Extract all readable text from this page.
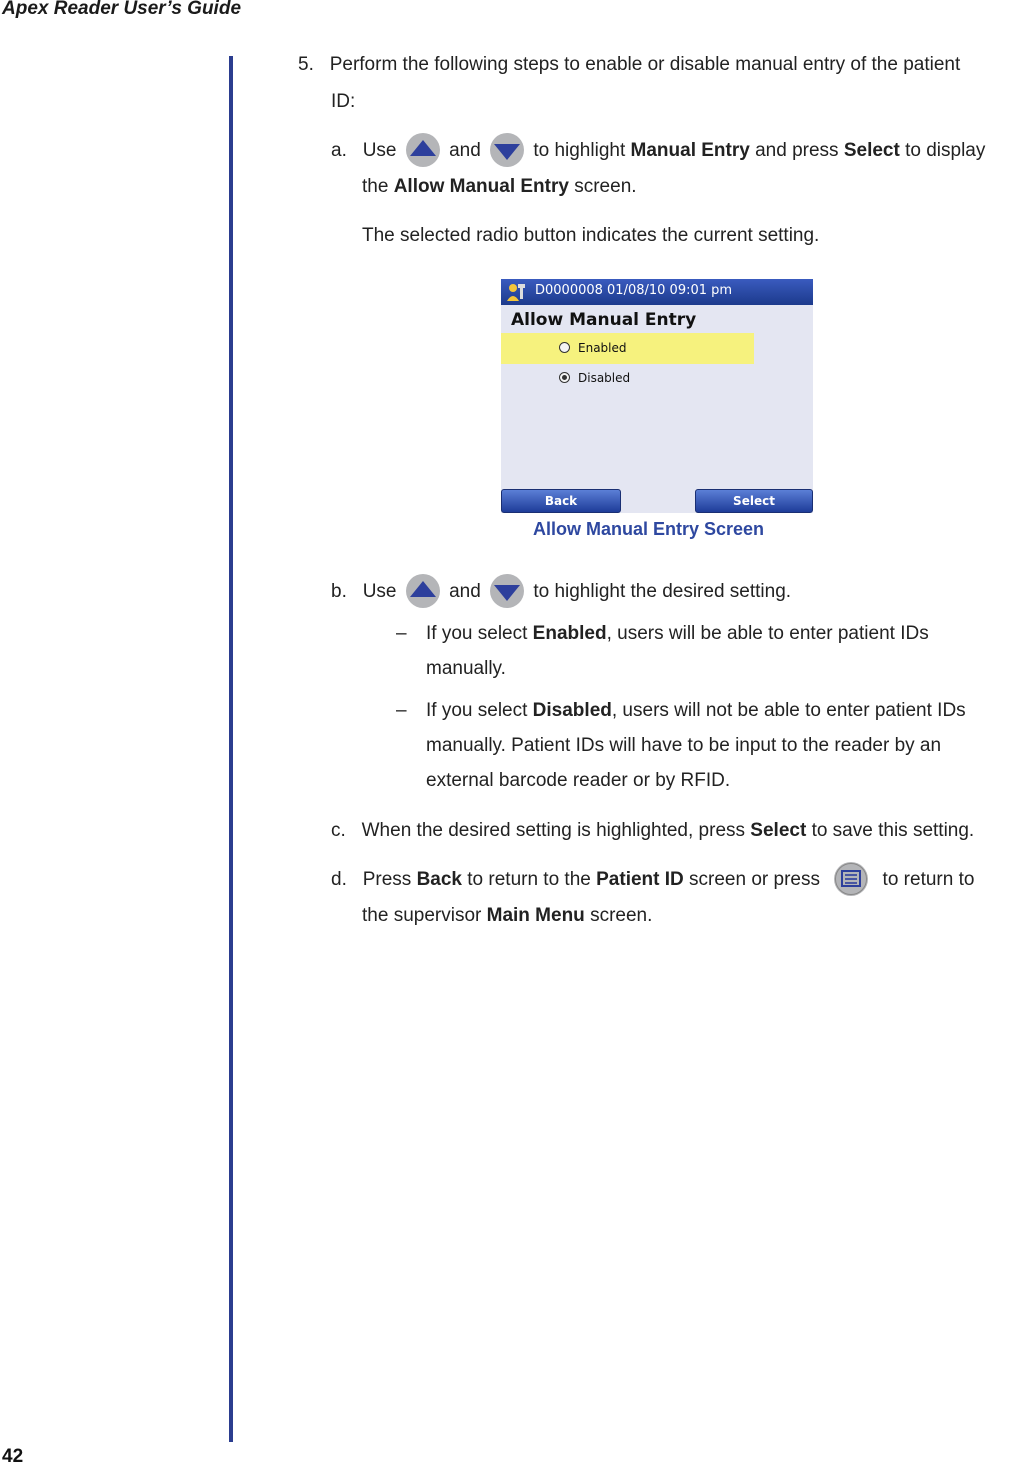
Apex Reader User’s Guide
42
5. Perform the following steps to enable or disable manual entry of the patient
ID:
a. Use	and	to highlight Manual Entry and press Select to display
the Allow Manual Entry screen.
The selected radio button indicates the current setting.
D0000008 01/08/10 09:01 pm
Allow Manual Entry
Enabled
Disabled
Back	Select
Allow Manual Entry Screen
b. Use	and	to highlight the desired setting.
– If you select Enabled, users will be able to enter patient IDs
manually.
– If you select Disabled, users will not be able to enter patient IDs
manually. Patient IDs will have to be input to the reader by an
external barcode reader or by RFID.
c. When the desired setting is highlighted, press Select to save this setting.
d. Press Back to return to the Patient ID screen or press	to return to
the supervisor Main Menu screen.
